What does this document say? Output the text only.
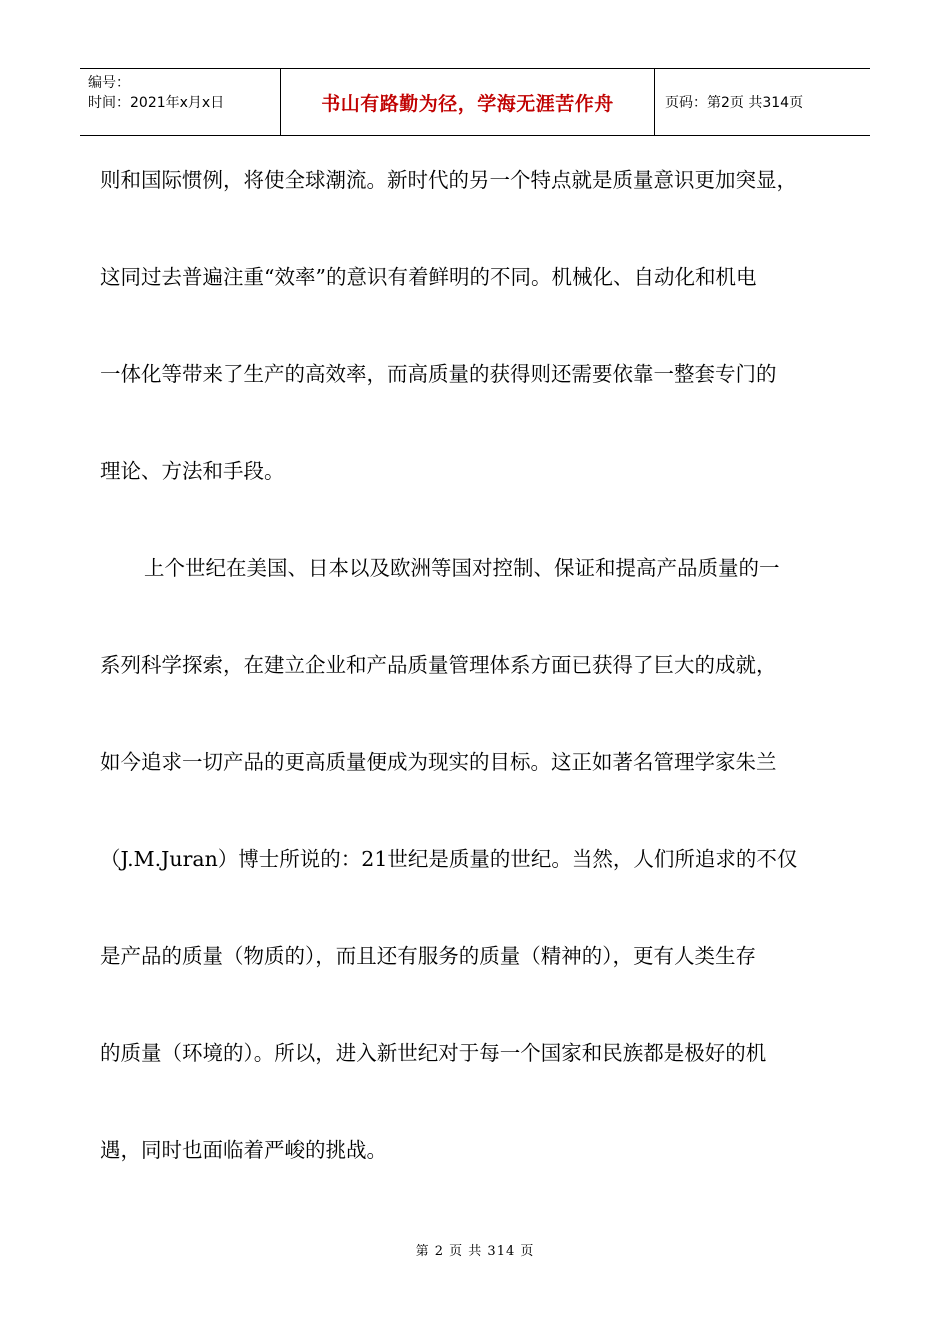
编号：
时间：2021年x月x日	书山有路勤为径，学海无涯苦作舟	页码：第2页 共314页
则和国际惯例，将使全球潮流。新时代的另一个特点就是质量意识更加突显，
这同过去普遍注重“效率”的意识有着鲜明的不同。机械化、自动化和机电
一体化等带来了生产的高效率，而高质量的获得则还需要依靠一整套专门的
理论、方法和手段。
上个世纪在美国、日本以及欧洲等国对控制、保证和提高产品质量的一
系列科学探索，在建立企业和产品质量管理体系方面已获得了巨大的成就，
如今追求一切产品的更高质量便成为现实的目标。这正如著名管理学家朱兰
（J.M.Juran）博士所说的：21世纪是质量的世纪。当然，人们所追求的不仅
是产品的质量（物质的），而且还有服务的质量（精神的），更有人类生存
的质量（环境的）。所以，进入新世纪对于每一个国家和民族都是极好的机
遇，同时也面临着严峻的挑战。
第 2 页 共 314 页
